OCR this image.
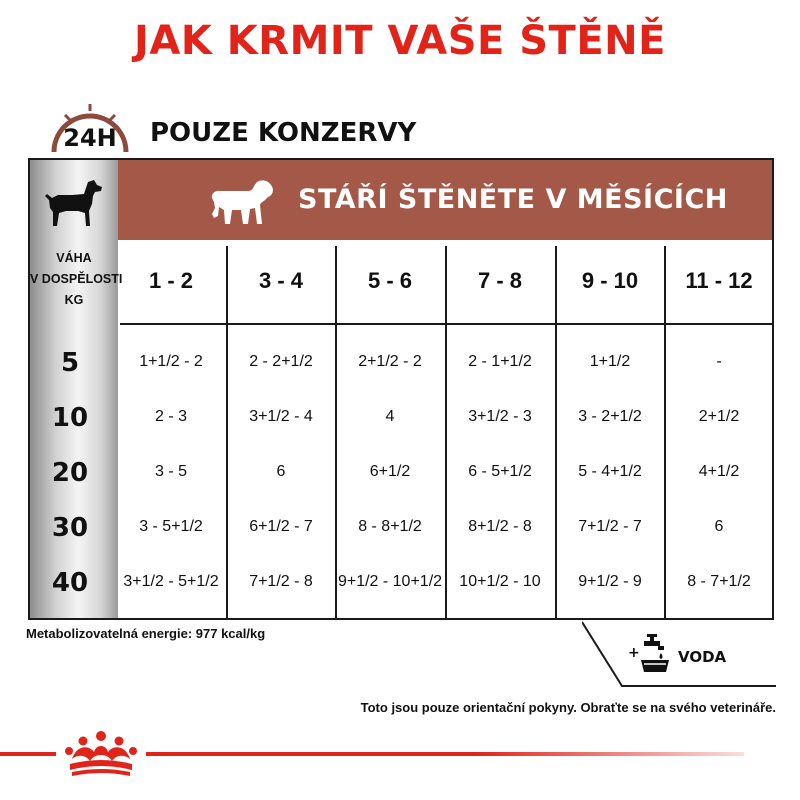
JAK KRMIT VAŠE ŠTĚNĚ
24H	POUZE KONZERVY
STÁŘÍ ŠTĚNĚTE V MĚSÍCÍCH
VÁHA
V DOSPĚLOSTI
KG
1 - 2	3 - 4	5 - 6	7 - 8	9 - 10	11 - 12
5	1+1/2 - 2	2 - 2+1/2	2+1/2 - 2	2 - 1+1/2	1+1/2	-
10	2 - 3	3+1/2 - 4	4	3+1/2 - 3	3 - 2+1/2	2+1/2
20	3 - 5	6	6+1/2	6 - 5+1/2	5 - 4+1/2	4+1/2
30	3 - 5+1/2	6+1/2 - 7	8 - 8+1/2	8+1/2 - 8	7+1/2 - 7	6
40	3+1/2 - 5+1/2	7+1/2 - 8	9+1/2 - 10+1/2	10+1/2 - 10	9+1/2 - 9	8 - 7+1/2
Metabolizovatelná energie: 977 kcal/kg
+	VODA
Toto jsou pouze orientační pokyny. Obraťte se na svého veterináře.
